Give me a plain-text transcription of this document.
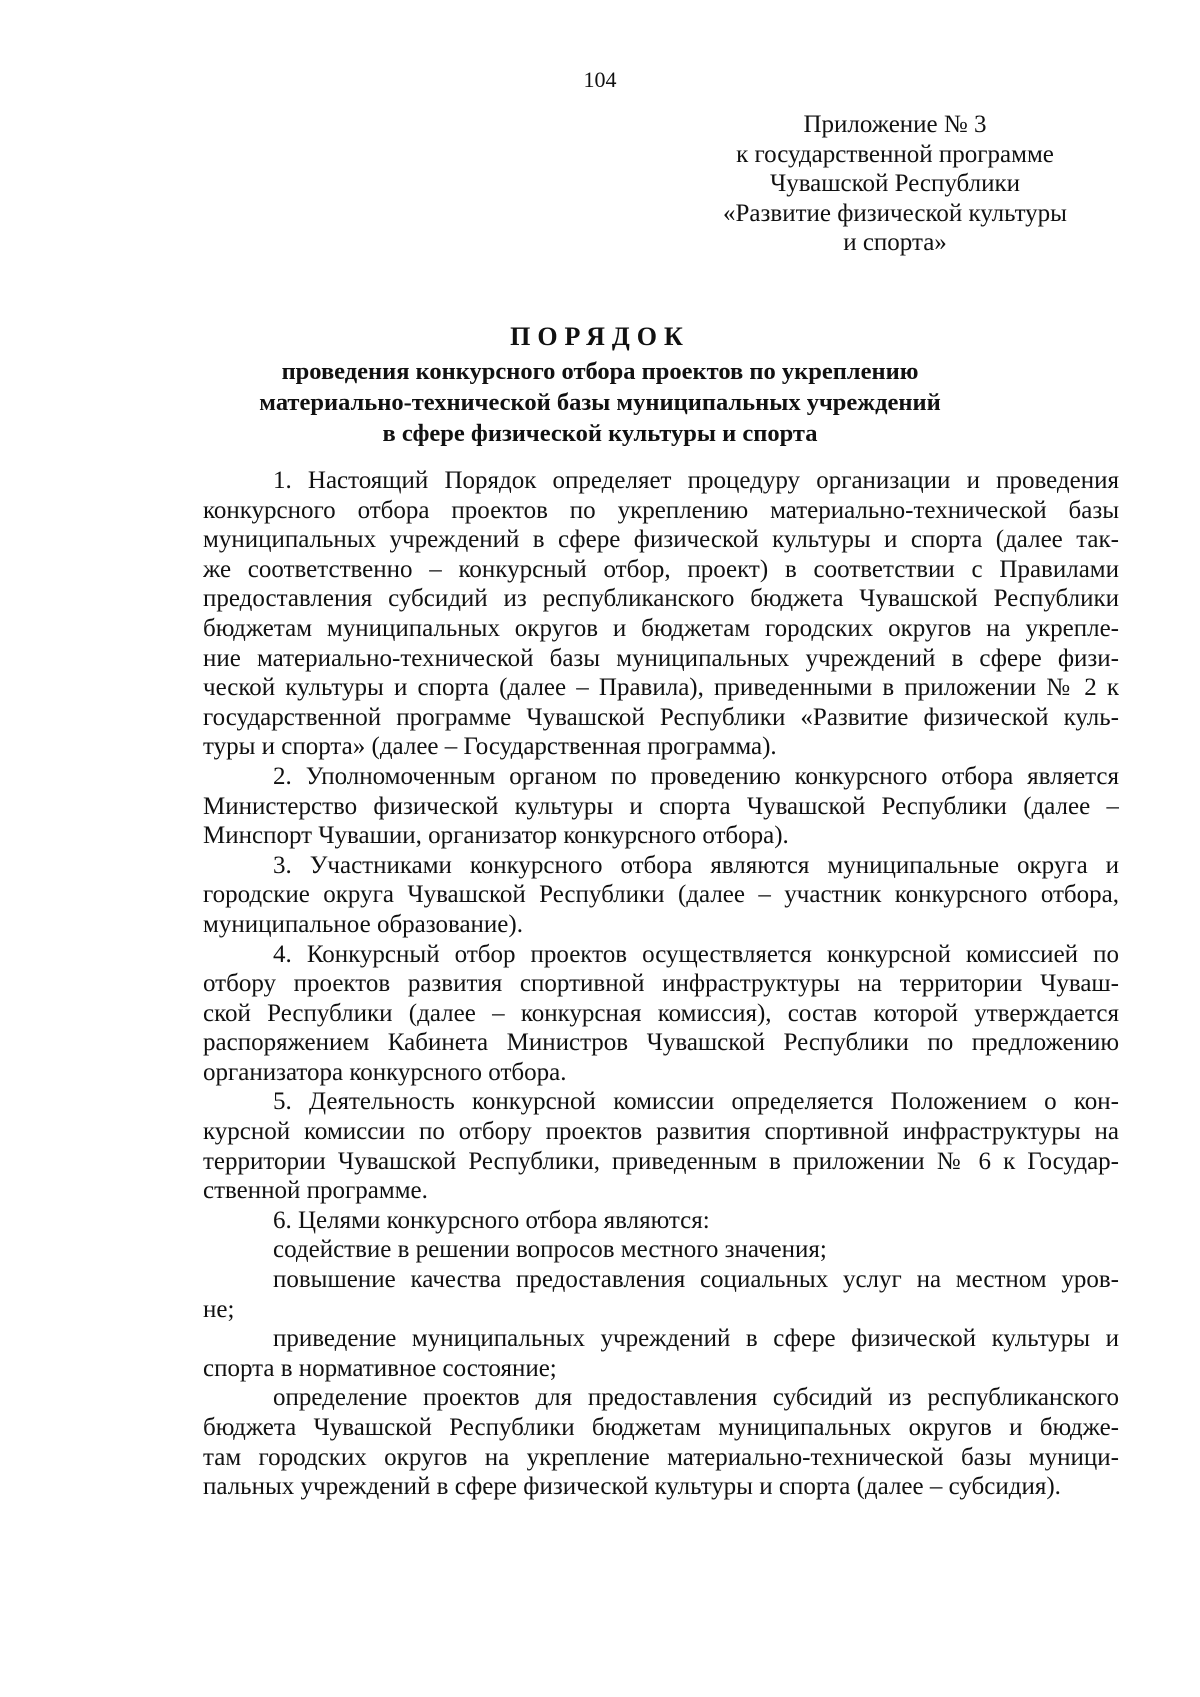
104
Приложение № 3
к государственной программе
Чувашской Республики
«Развитие физической культуры
и спорта»
ПОРЯДОК
проведения конкурсного отбора проектов по укреплению
материально-технической базы муниципальных учреждений
в сфере физической культуры и спорта
1. Настоящий Порядок определяет процедуру организации и проведения
конкурсного отбора проектов по укреплению материально-технической базы
муниципальных учреждений в сфере физической культуры и спорта (далее так-
же соответственно – конкурсный отбор, проект) в соответствии с Правилами
предоставления субсидий из республиканского бюджета Чувашской Республики
бюджетам муниципальных округов и бюджетам городских округов на укрепле-
ние материально-технической базы муниципальных учреждений в сфере физи-
ческой культуры и спорта (далее – Правила), приведенными в приложении № 2 к
государственной программе Чувашской Республики «Развитие физической куль-
туры и спорта» (далее – Государственная программа).
2. Уполномоченным органом по проведению конкурсного отбора является
Министерство физической культуры и спорта Чувашской Республики (далее –
Минспорт Чувашии, организатор конкурсного отбора).
3. Участниками конкурсного отбора являются муниципальные округа и
городские округа Чувашской Республики (далее – участник конкурсного отбора,
муниципальное образование).
4. Конкурсный отбор проектов осуществляется конкурсной комиссией по
отбору проектов развития спортивной инфраструктуры на территории Чуваш-
ской Республики (далее – конкурсная комиссия), состав которой утверждается
распоряжением Кабинета Министров Чувашской Республики по предложению
организатора конкурсного отбора.
5. Деятельность конкурсной комиссии определяется Положением о кон-
курсной комиссии по отбору проектов развития спортивной инфраструктуры на
территории Чувашской Республики, приведенным в приложении № 6 к Государ-
ственной программе.
6. Целями конкурсного отбора являются:
содействие в решении вопросов местного значения;
повышение качества предоставления социальных услуг на местном уров-
не;
приведение муниципальных учреждений в сфере физической культуры и
спорта в нормативное состояние;
определение проектов для предоставления субсидий из республиканского
бюджета Чувашской Республики бюджетам муниципальных округов и бюдже-
там городских округов на укрепление материально-технической базы муници-
пальных учреждений в сфере физической культуры и спорта (далее – субсидия).
